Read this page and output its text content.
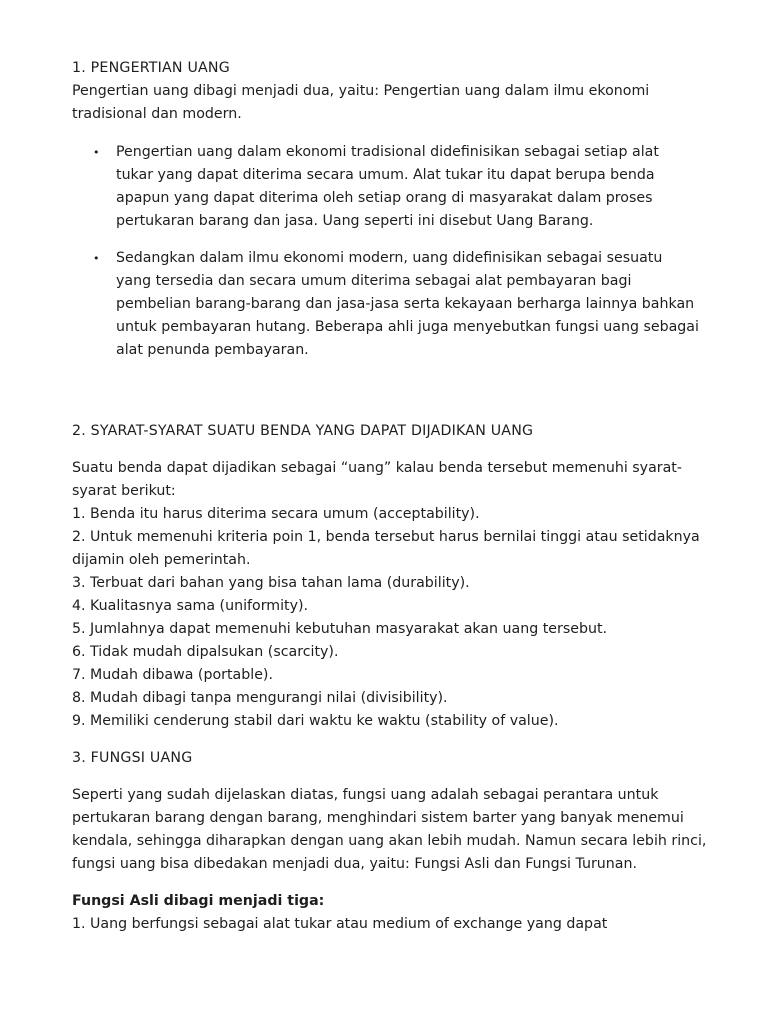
1. PENGERTIAN UANG

Pengertian uang dibagi menjadi dua, yaitu: Pengertian uang dalam ilmu ekonomi tradisional dan modern.

• Pengertian uang dalam ekonomi tradisional didefinisikan sebagai setiap alat tukar yang dapat diterima secara umum. Alat tukar itu dapat berupa benda apapun yang dapat diterima oleh setiap orang di masyarakat dalam proses pertukaran barang dan jasa. Uang seperti ini disebut Uang Barang.
• Sedangkan dalam ilmu ekonomi modern, uang didefinisikan sebagai sesuatu yang tersedia dan secara umum diterima sebagai alat pembayaran bagi pembelian barang-barang dan jasa-jasa serta kekayaan berharga lainnya bahkan untuk pembayaran hutang. Beberapa ahli juga menyebutkan fungsi uang sebagai alat penunda pembayaran.
2. SYARAT-SYARAT SUATU BENDA YANG DAPAT DIJADIKAN UANG

Suatu benda dapat dijadikan sebagai “uang” kalau benda tersebut memenuhi syarat-syarat berikut:

1. Benda itu harus diterima secara umum (acceptability).
2. Untuk memenuhi kriteria poin 1, benda tersebut harus bernilai tinggi atau setidaknya dijamin oleh pemerintah.
3. Terbuat dari bahan yang bisa tahan lama (durability).
4. Kualitasnya sama (uniformity).
5. Jumlahnya dapat memenuhi kebutuhan masyarakat akan uang tersebut.
6. Tidak mudah dipalsukan (scarcity).
7. Mudah dibawa (portable).
8. Mudah dibagi tanpa mengurangi nilai (divisibility).
9. Memiliki cenderung stabil dari waktu ke waktu (stability of value).
3. FUNGSI UANG

Seperti yang sudah dijelaskan diatas, fungsi uang adalah sebagai perantara untuk pertukaran barang dengan barang, menghindari sistem barter yang banyak menemui kendala, sehingga diharapkan dengan uang akan lebih mudah. Namun secara lebih rinci, fungsi uang bisa dibedakan menjadi dua, yaitu: Fungsi Asli dan Fungsi Turunan.

Fungsi Asli dibagi menjadi tiga:

1. Uang berfungsi sebagai alat tukar atau medium of exchange yang dapat
